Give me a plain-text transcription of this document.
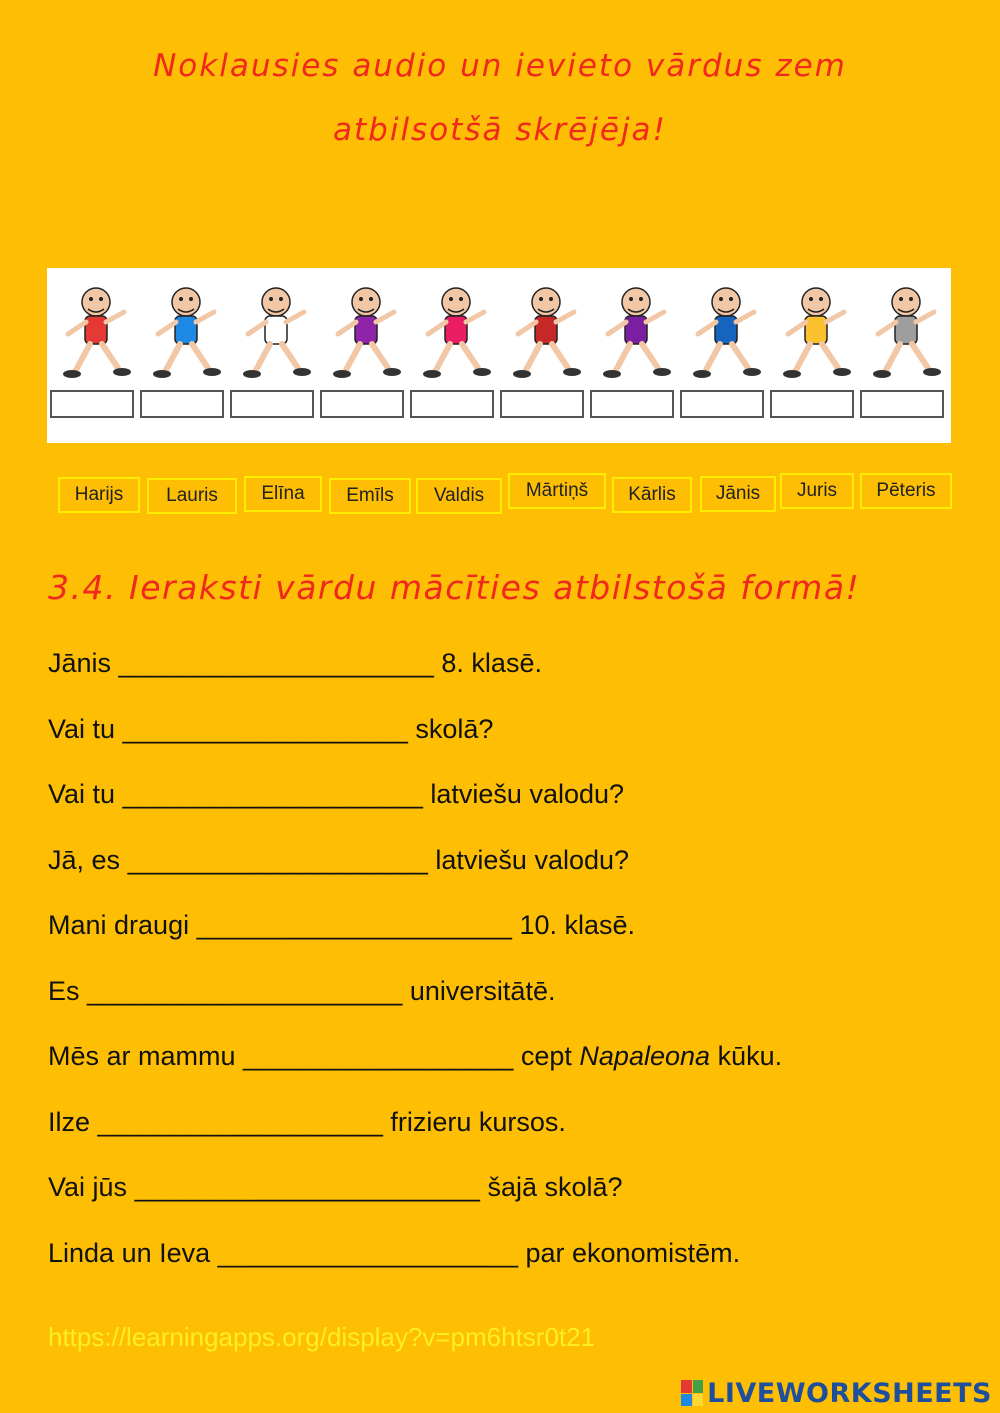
Noklausies audio un ievieto vārdus zem
atbilsotšā skrējēja!
Harijs	Lauris	Elīna	Emīls	Valdis	Mārtiņš	Kārlis	Jānis	Juris	Pēteris
3.4. Ieraksti vārdu mācīties atbilstošā formā!
Jānis _____________________ 8. klasē.
Vai tu ___________________ skolā?
Vai tu ____________________ latviešu valodu?
Jā, es ____________________ latviešu valodu?
Mani draugi _____________________ 10. klasē.
Es _____________________ universitātē.
Mēs ar mammu __________________ cept Napaleona kūku.
Ilze ___________________ frizieru kursos.
Vai jūs _______________________ šajā skolā?
Linda un Ieva ____________________ par ekonomistēm.
https://learningapps.org/display?v=pm6htsr0t21
LIVEWORKSHEETS
